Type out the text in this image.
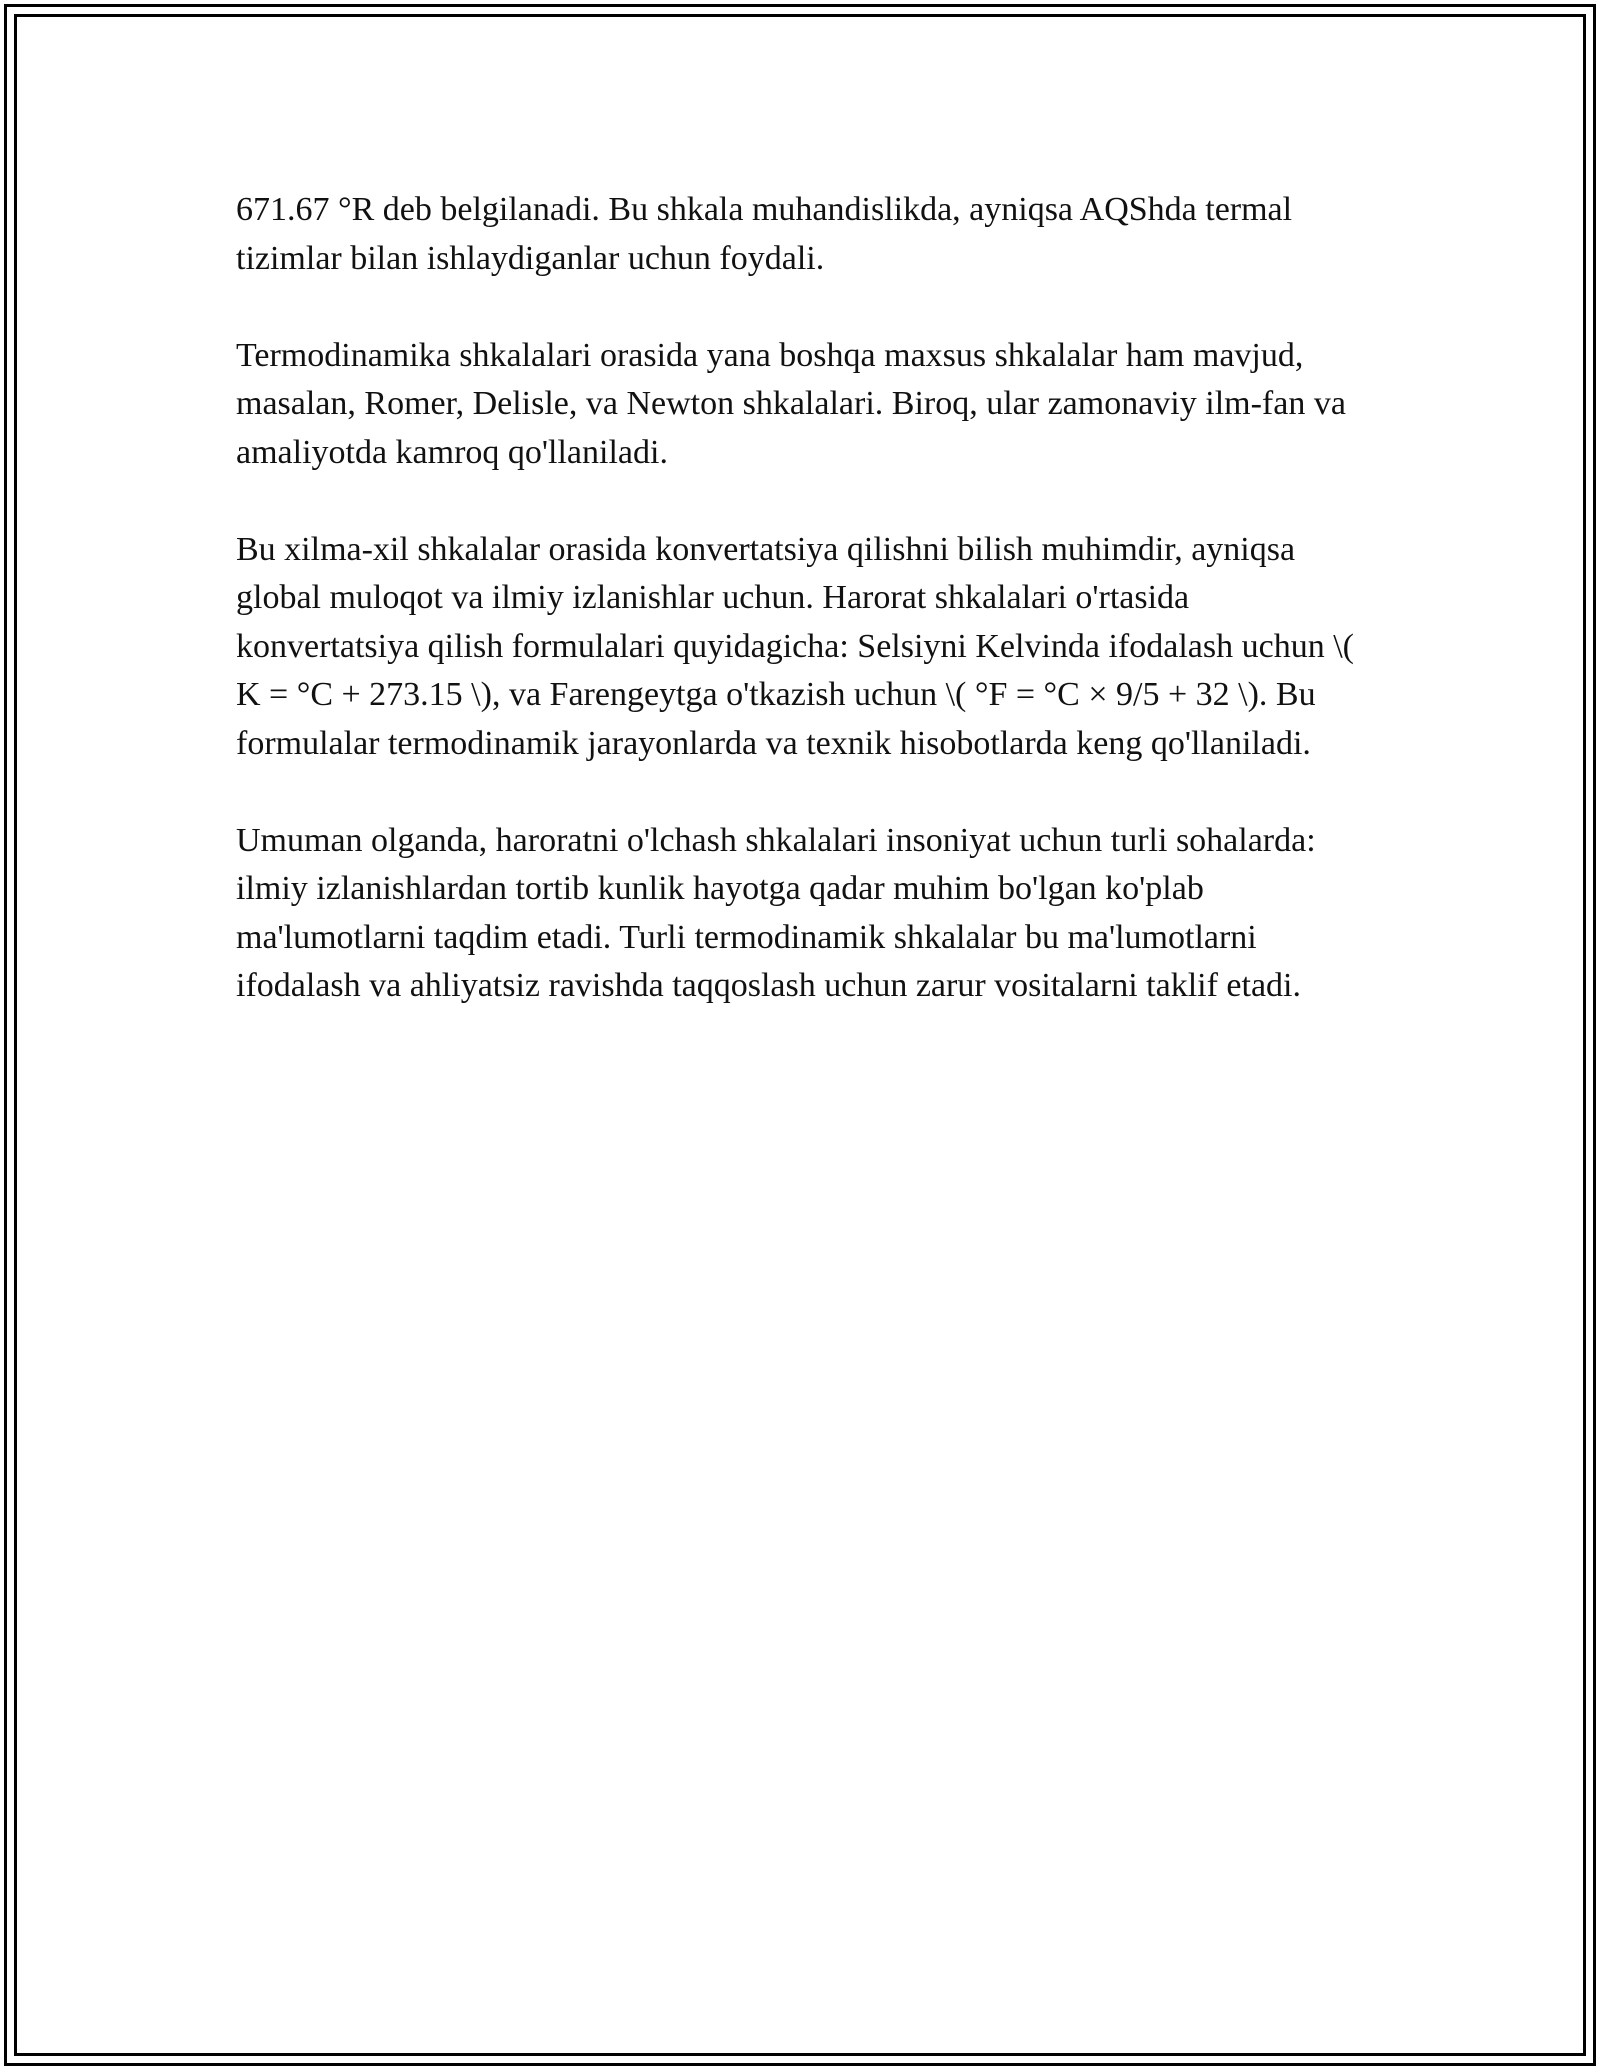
671.67 °R deb belgilanadi. Bu shkala muhandislikda, ayniqsa AQShda termal tizimlar bilan ishlaydiganlar uchun foydali.

Termodinamika shkalalari orasida yana boshqa maxsus shkalalar ham mavjud, masalan, Romer, Delisle, va Newton shkalalari. Biroq, ular zamonaviy ilm-fan va amaliyotda kamroq qo'llaniladi.

Bu xilma-xil shkalalar orasida konvertatsiya qilishni bilish muhimdir, ayniqsa global muloqot va ilmiy izlanishlar uchun. Harorat shkalalari o'rtasida konvertatsiya qilish formulalari quyidagicha: Selsiyni Kelvinda ifodalash uchun \( K = °C + 273.15 \), va Farengeytga o'tkazish uchun \( °F = °C × 9/5 + 32 \). Bu formulalar termodinamik jarayonlarda va texnik hisobotlarda keng qo'llaniladi.

Umuman olganda, haroratni o'lchash shkalalari insoniyat uchun turli sohalarda: ilmiy izlanishlardan tortib kunlik hayotga qadar muhim bo'lgan ko'plab ma'lumotlarni taqdim etadi. Turli termodinamik shkalalar bu ma'lumotlarni ifodalash va ahliyatsiz ravishda taqqoslash uchun zarur vositalarni taklif etadi.
